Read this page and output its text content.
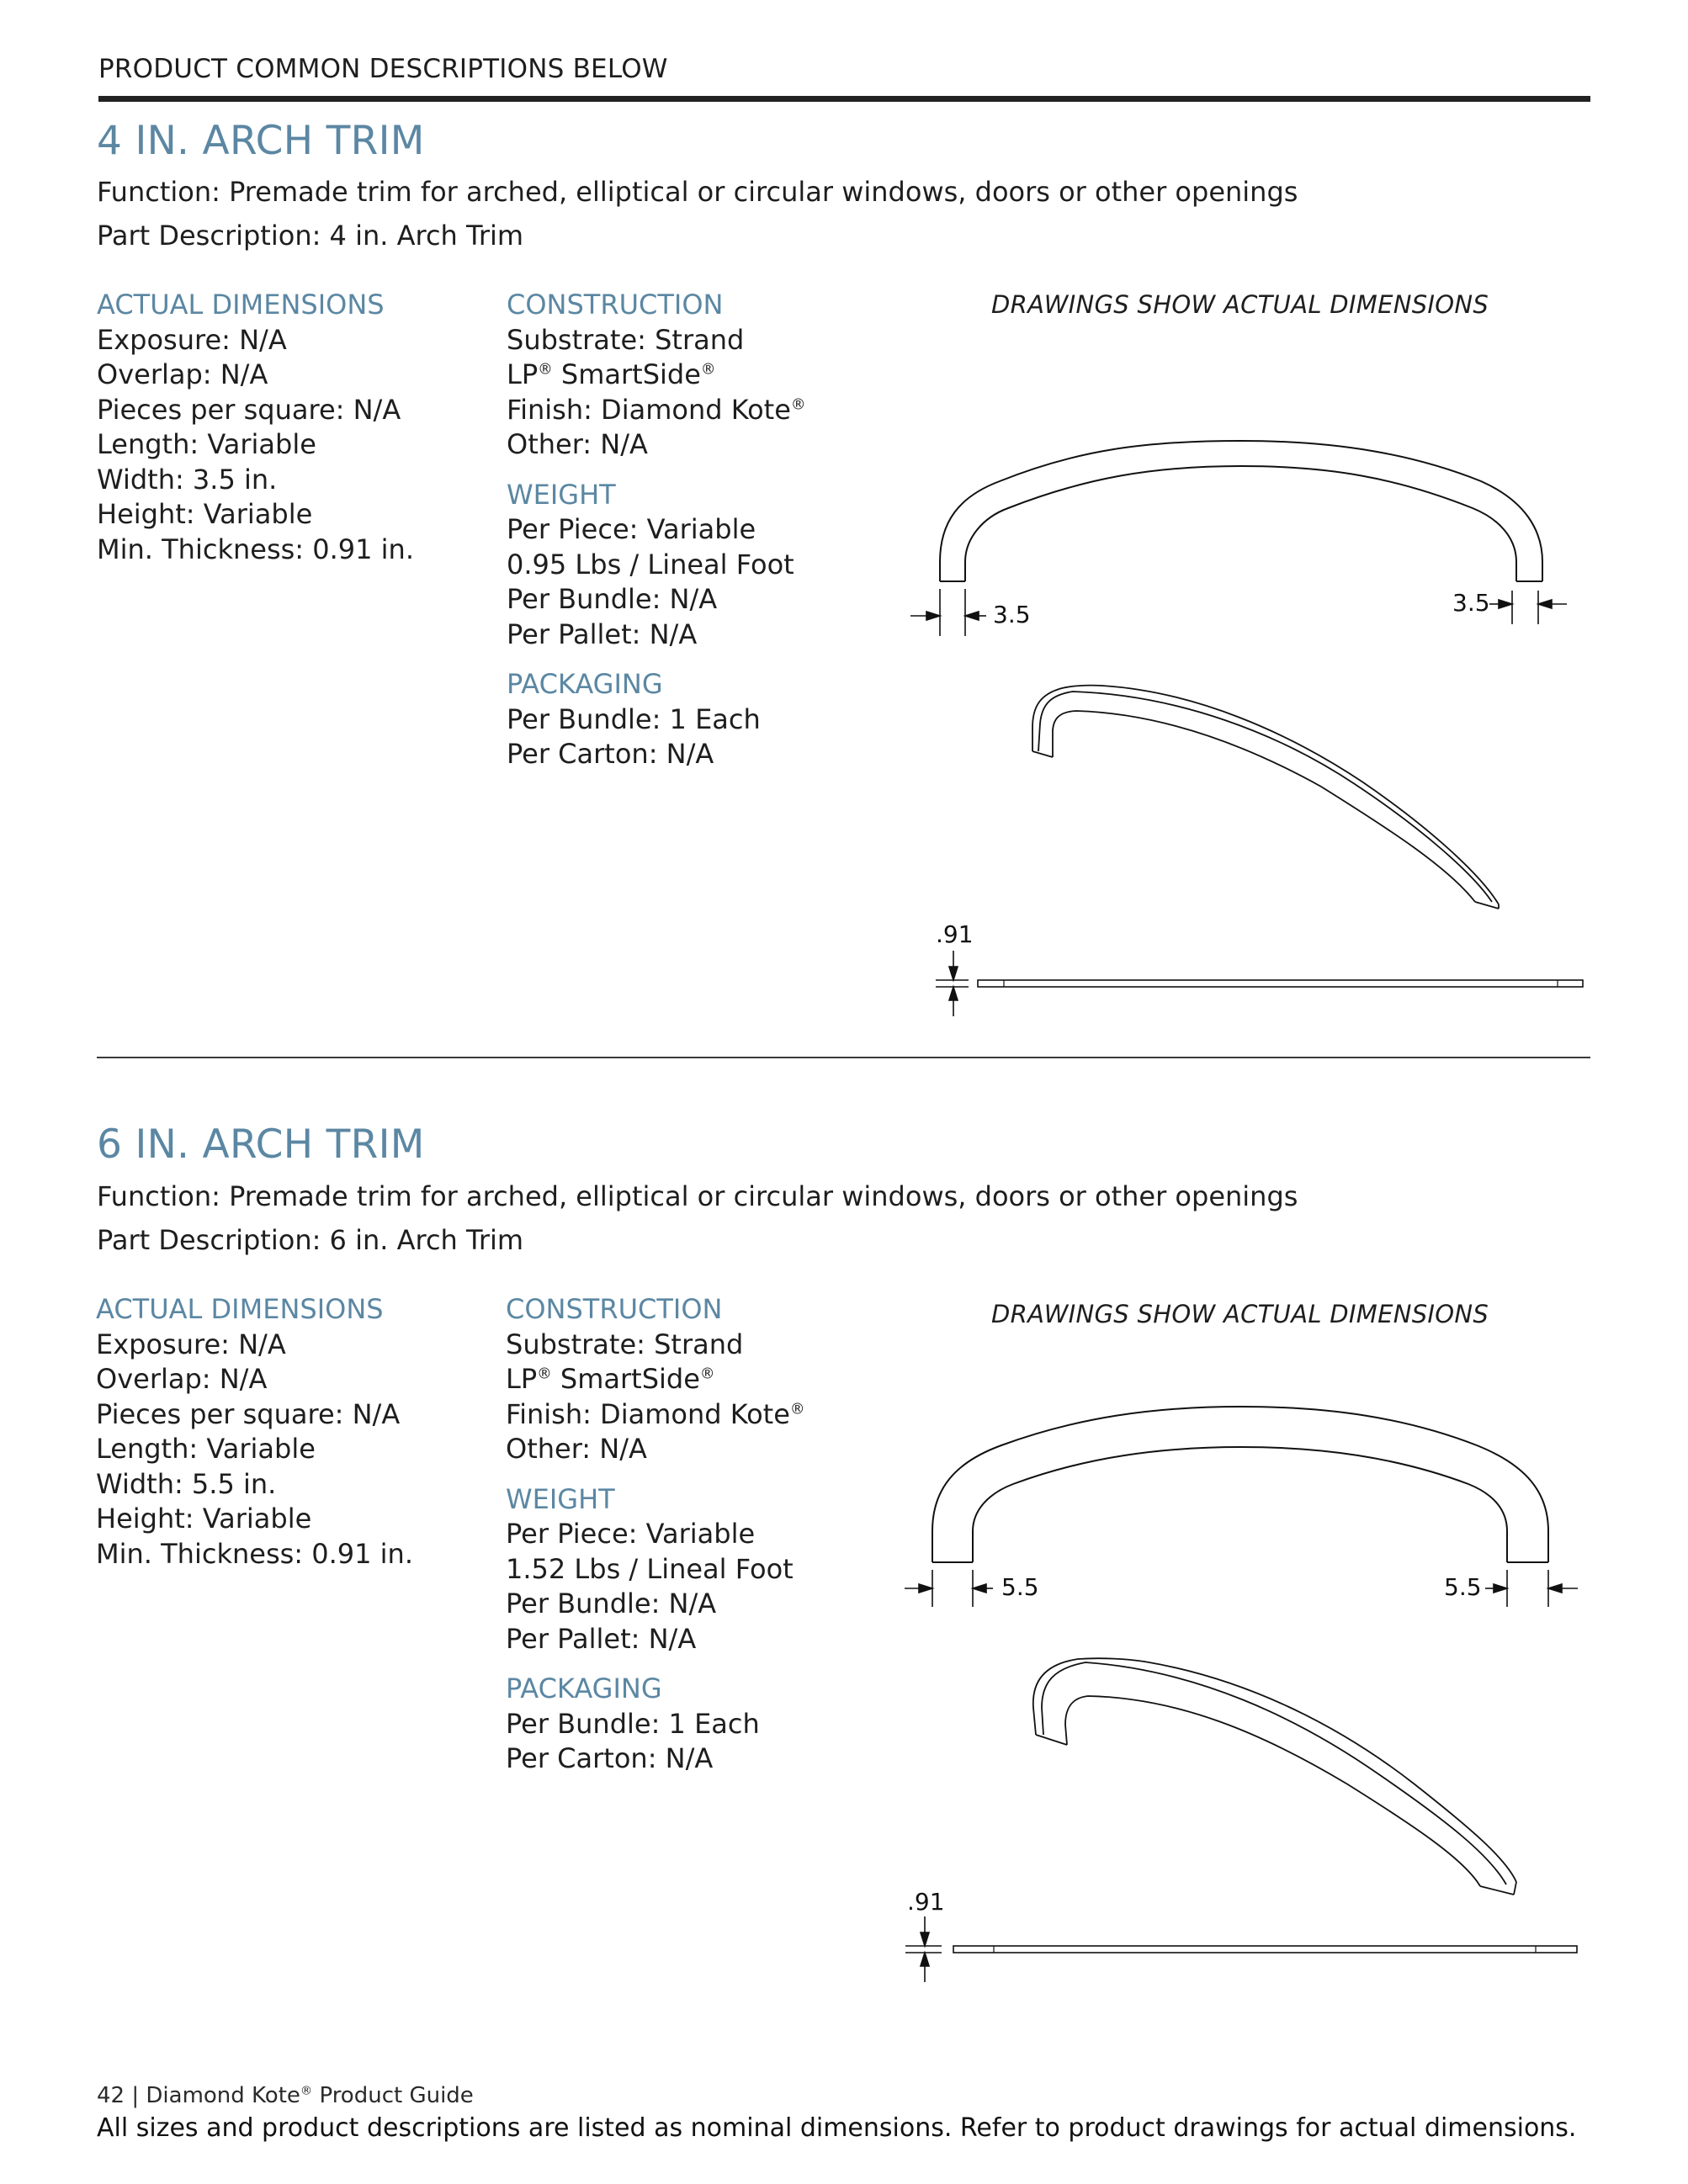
PRODUCT COMMON DESCRIPTIONS BELOW
4 IN. ARCH TRIM
Function: Premade trim for arched, elliptical or circular windows, doors or other openings
Part Description: 4 in. Arch Trim
ACTUAL DIMENSIONS
Exposure: N/A
Overlap: N/A
Pieces per square: N/A
Length: Variable
Width: 3.5 in.
Height: Variable
Min. Thickness: 0.91 in.
CONSTRUCTION
Substrate: Strand
LP® SmartSide®
Finish: Diamond Kote®
Other: N/A
WEIGHT
Per Piece: Variable
0.95 Lbs / Lineal Foot
Per Bundle: N/A
Per Pallet: N/A
PACKAGING
Per Bundle: 1 Each
Per Carton: N/A
DRAWINGS SHOW ACTUAL DIMENSIONS
3.5	3.5
.91
6 IN. ARCH TRIM
Function: Premade trim for arched, elliptical or circular windows, doors or other openings
Part Description: 6 in. Arch Trim
ACTUAL DIMENSIONS
Exposure: N/A
Overlap: N/A
Pieces per square: N/A
Length: Variable
Width: 5.5 in.
Height: Variable
Min. Thickness: 0.91 in.
CONSTRUCTION
Substrate: Strand
LP® SmartSide®
Finish: Diamond Kote®
Other: N/A
WEIGHT
Per Piece: Variable
1.52 Lbs / Lineal Foot
Per Bundle: N/A
Per Pallet: N/A
PACKAGING
Per Bundle: 1 Each
Per Carton: N/A
DRAWINGS SHOW ACTUAL DIMENSIONS
5.5	5.5
.91
42 | Diamond Kote® Product Guide
All sizes and product descriptions are listed as nominal dimensions. Refer to product drawings for actual dimensions.
